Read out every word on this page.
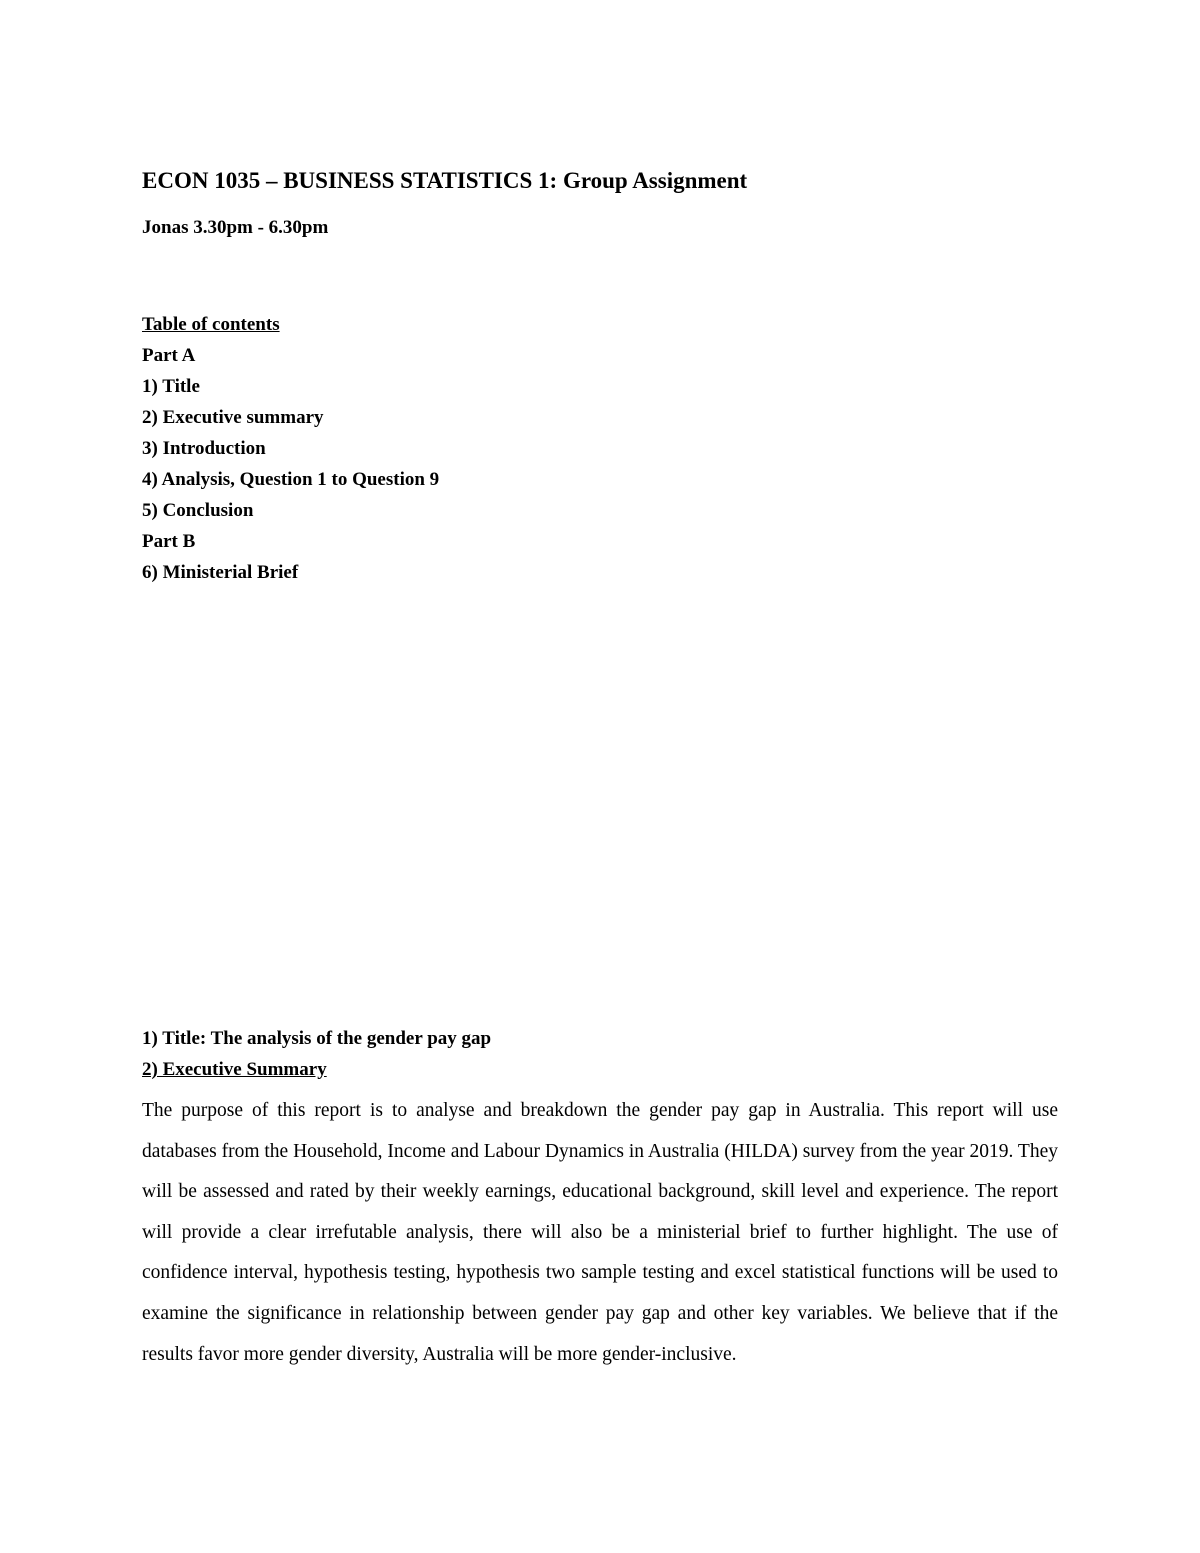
ECON 1035 – BUSINESS STATISTICS 1: Group Assignment
Jonas 3.30pm - 6.30pm
Table of contents
Part A
1) Title
2) Executive summary
3) Introduction
4) Analysis, Question 1 to Question 9
5) Conclusion
Part B
6) Ministerial Brief
1) Title: The analysis of the gender pay gap
2) Executive Summary
The purpose of this report is to analyse and breakdown the gender pay gap in Australia. This report will use databases from the Household, Income and Labour Dynamics in Australia (HILDA) survey from the year 2019. They will be assessed and rated by their weekly earnings, educational background, skill level and experience. The report will provide a clear irrefutable analysis, there will also be a ministerial brief to further highlight. The use of confidence interval, hypothesis testing, hypothesis two sample testing and excel statistical functions will be used to examine the significance in relationship between gender pay gap and other key variables. We believe that if the results favor more gender diversity, Australia will be more gender-inclusive.
